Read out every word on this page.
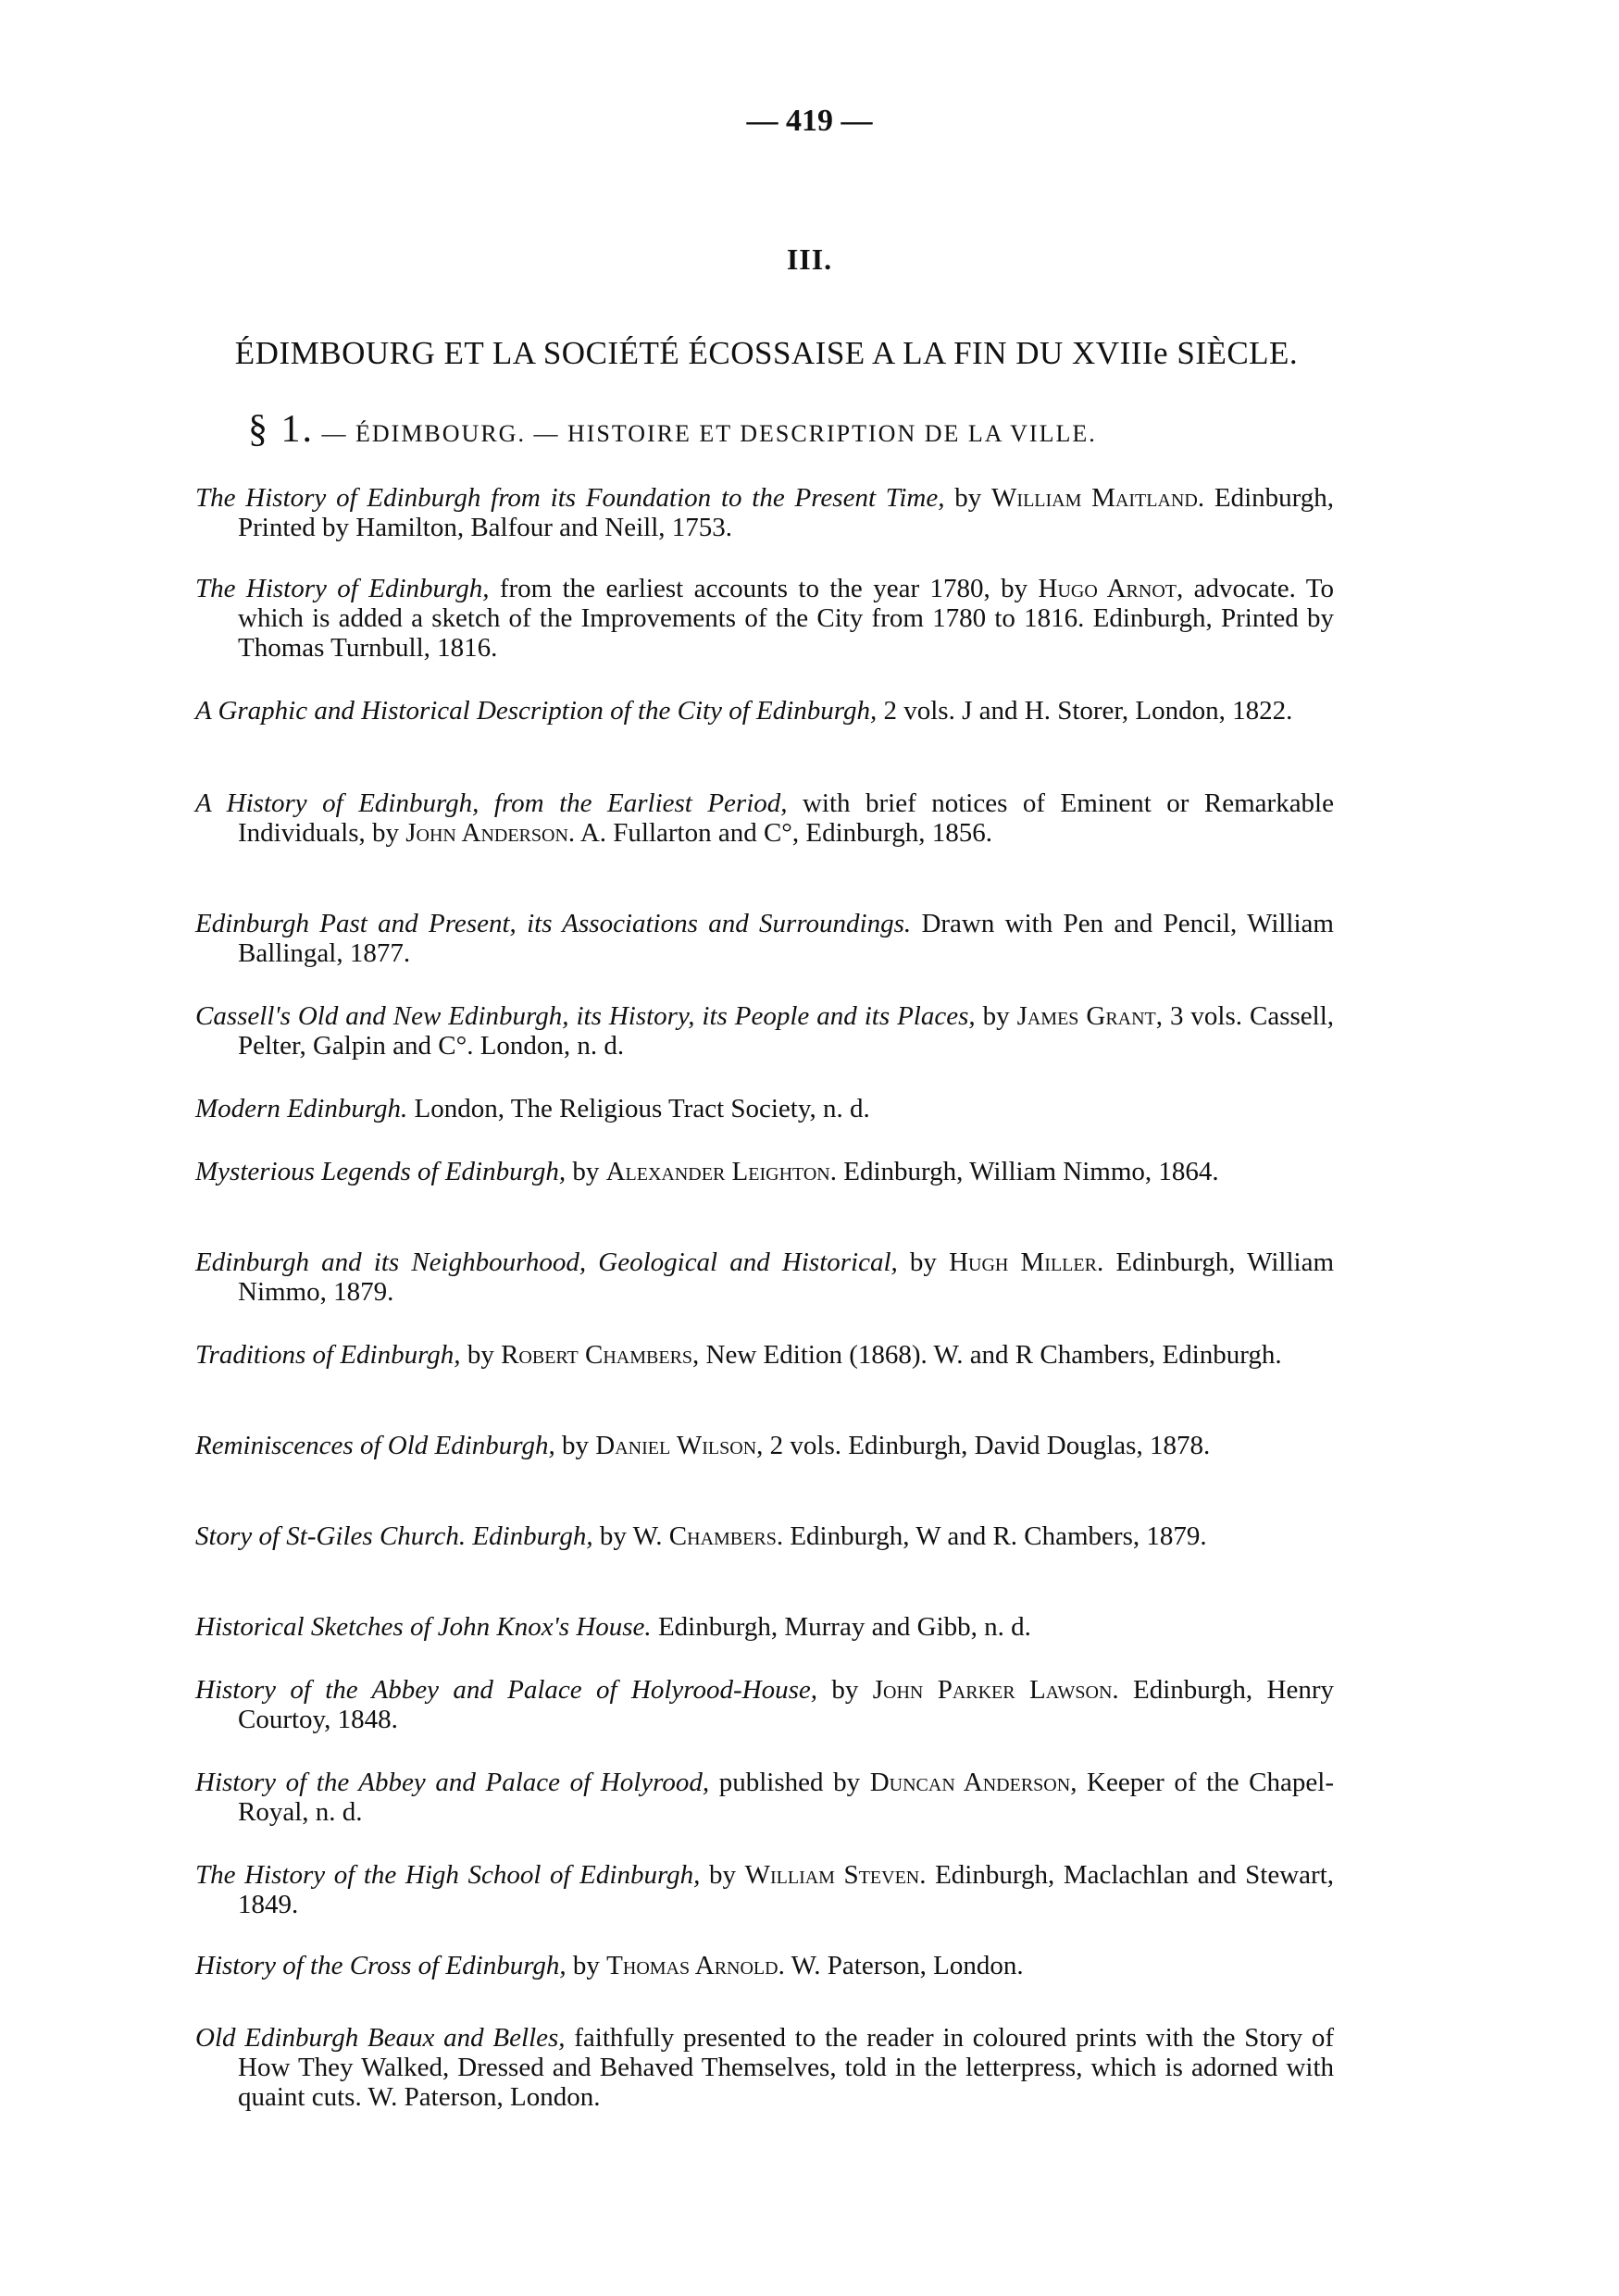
— 419 —
III.
ÉDIMBOURG ET LA SOCIÉTÉ ÉCOSSAISE A LA FIN DU XVIIIe SIÈCLE.
§ 1. — ÉDIMBOURG. — HISTOIRE ET DESCRIPTION DE LA VILLE.
The History of Edinburgh from its Foundation to the Present Time, by William Maitland. Edinburgh, Printed by Hamilton, Balfour and Neill, 1753.
The History of Edinburgh, from the earliest accounts to the year 1780, by Hugo Arnot, advocate. To which is added a sketch of the Improvements of the City from 1780 to 1816. Edinburgh, Printed by Thomas Turnbull, 1816.
A Graphic and Historical Description of the City of Edinburgh, 2 vols. J and H. Storer, London, 1822.
A History of Edinburgh, from the Earliest Period, with brief notices of Eminent or Remarkable Individuals, by John Anderson. A. Fullarton and C°, Edinburgh, 1856.
Edinburgh Past and Present, its Associations and Surroundings. Drawn with Pen and Pencil, William Ballingal, 1877.
Cassell's Old and New Edinburgh, its History, its People and its Places, by James Grant, 3 vols. Cassell, Pelter, Galpin and C°. London, n. d.
Modern Edinburgh. London, The Religious Tract Society, n. d.
Mysterious Legends of Edinburgh, by Alexander Leighton. Edinburgh, William Nimmo, 1864.
Edinburgh and its Neighbourhood, Geological and Historical, by Hugh Miller. Edinburgh, William Nimmo, 1879.
Traditions of Edinburgh, by Robert Chambers, New Edition (1868). W. and R Chambers, Edinburgh.
Reminiscences of Old Edinburgh, by Daniel Wilson, 2 vols. Edinburgh, David Douglas, 1878.
Story of St-Giles Church. Edinburgh, by W. Chambers. Edinburgh, W and R. Chambers, 1879.
Historical Sketches of John Knox's House. Edinburgh, Murray and Gibb, n. d.
History of the Abbey and Palace of Holyrood-House, by John Parker Lawson. Edinburgh, Henry Courtoy, 1848.
History of the Abbey and Palace of Holyrood, published by Duncan Anderson, Keeper of the Chapel-Royal, n. d.
The History of the High School of Edinburgh, by William Steven. Edinburgh, Maclachlan and Stewart, 1849.
History of the Cross of Edinburgh, by Thomas Arnold. W. Paterson, London.
Old Edinburgh Beaux and Belles, faithfully presented to the reader in coloured prints with the Story of How They Walked, Dressed and Behaved Themselves, told in the letterpress, which is adorned with quaint cuts. W. Paterson, London.
